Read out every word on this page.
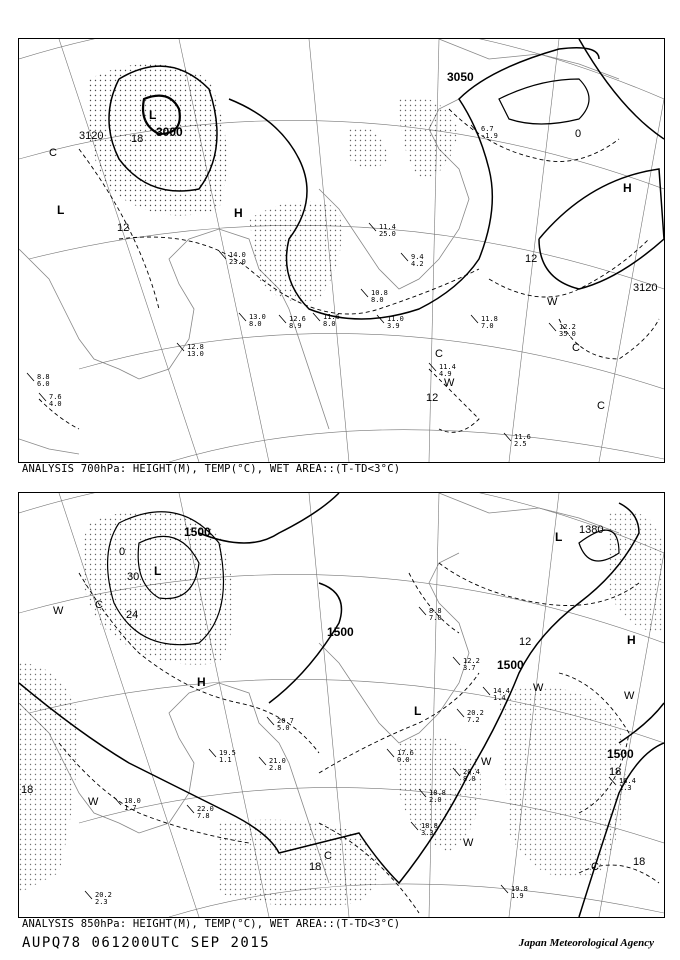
11.8
7.0
11.0
3.9
11.6
2.5
12.2
35.0
10.8
8.0
11.4
25.0
12.8
13.0
14.0
23.0
11.6
8.0
9.4
4.2
12.6
8.9
13.0
8.0
6.7
-1.9
11.4
4.9
7.6
4.0
8.8
6.0
3000
3050
3120
3120
18
12
12
0
12
L
L	H
H
C
C	C
C
W
W
ANALYSIS 700hPa: HEIGHT(M), TEMP(°C), WET AREA::(T-TD<3°C)
18.8
2.0
18.8
3.3
20.4
8.0	18.4
1.3
19.8
1.9
20.2
2.3
22.0
7.8
20.7
5.0
21.0
2.8
19.5
1.1
18.0
1.7
17.6
0.0
20.2
7.2
14.4
1.4
12.2
3.7
8.8
7.0
1500
1500
1500
1500
1380
30
24
18
18
18
18
12
0
L
L
L
H
H
C
C
C
W
W
W
W
W
W
ANALYSIS 850hPa: HEIGHT(M), TEMP(°C), WET AREA::(T-TD<3°C)
AUPQ78 061200UTC SEP 2015	Japan Meteorological Agency
